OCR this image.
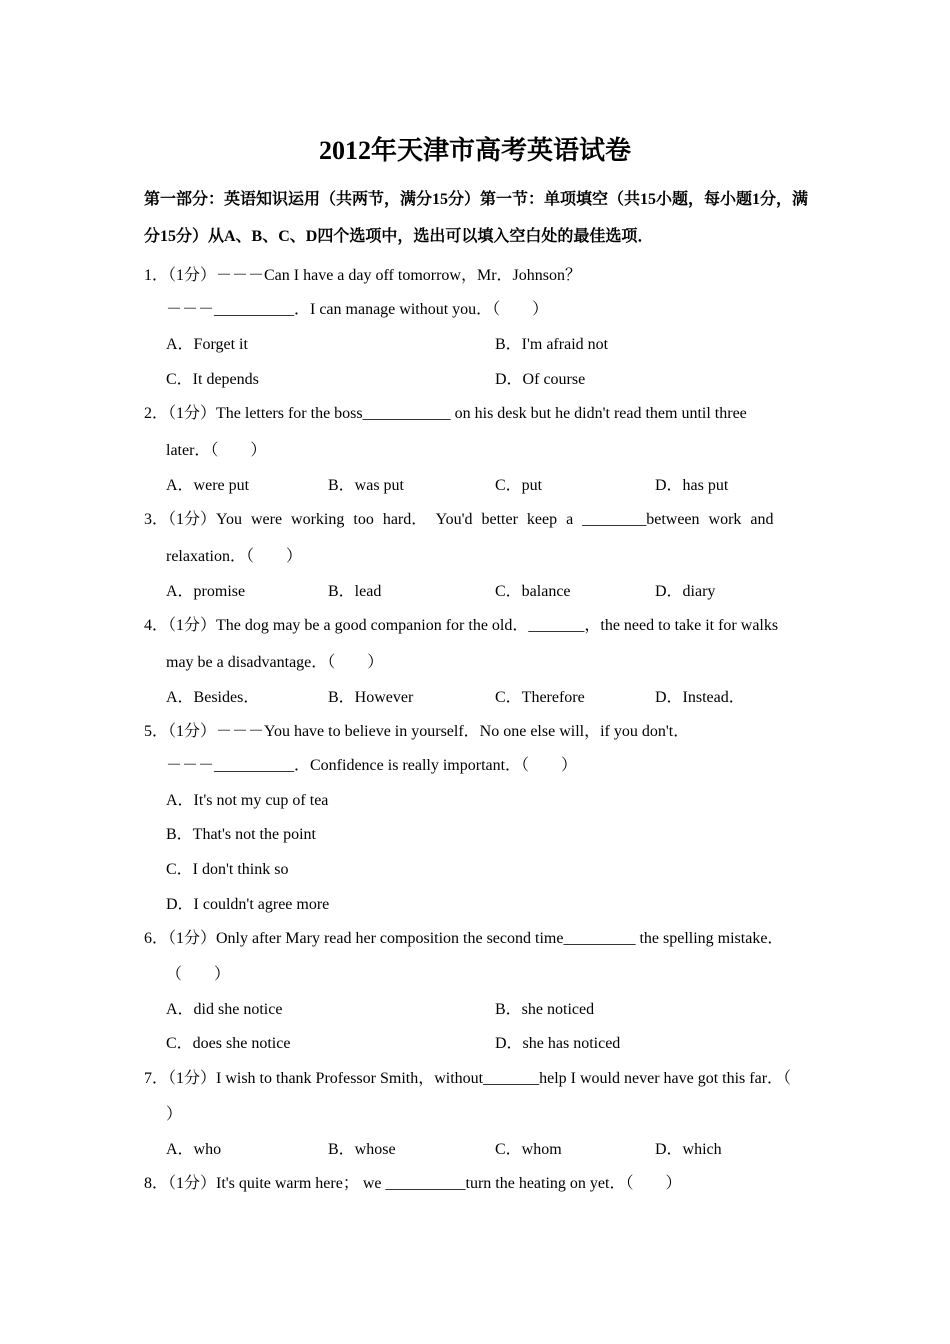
2012年天津市高考英语试卷
第一部分：英语知识运用（共两节，满分15分）第一节：单项填空（共15小题，每小题1分，满分15分）从A、B、C、D四个选项中，选出可以填入空白处的最佳选项．
1．（1分）－－－Can I have a day off tomorrow，Mr．Johnson？
－－－__________．I can manage without you．（　　）
A．Forget it	B．I'm afraid not
C．It depends	D．Of course
2．（1分）The letters for the boss___________ on his desk but he didn't read them until three
later．（　　）
A．were put	B．was put	C．put	D．has put
3．（1分）You were working too hard． You'd better keep a ________between work and
relaxation．（　　）
A．promise	B．lead	C．balance	D．diary
4．（1分）The dog may be a good companion for the old．_______，the need to take it for walks
may be a disadvantage．（　　）
A．Besides．	B．However	C．Therefore	D．Instead．
5．（1分）－－－You have to believe in yourself．No one else will，if you don't．
－－－__________．Confidence is really important．（　　）
A．It's not my cup of tea
B．That's not the point
C．I don't think so
D．I couldn't agree more
6．（1分）Only after Mary read her composition the second time_________ the spelling mistake．
（　　）
A．did she notice	B．she noticed
C．does she notice	D．she has noticed
7．（1分）I wish to thank Professor Smith，without_______help I would never have got this far．（
）
A．who	B．whose	C．whom	D．which
8．（1分）It's quite warm here； we __________turn the heating on yet．（　　）
